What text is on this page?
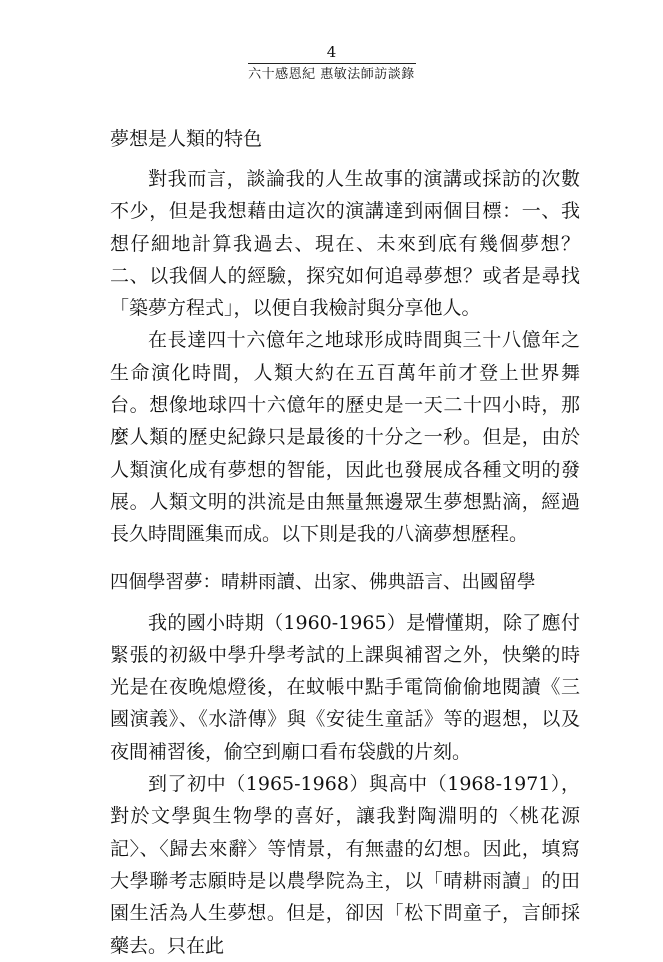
4
六十感恩紀 惠敏法師訪談錄
夢想是人類的特色

對我而言，談論我的人生故事的演講或採訪的次數不少，但是我想藉由這次的演講達到兩個目標：一、我想仔細地計算我過去、現在、未來到底有幾個夢想？二、以我個人的經驗，探究如何追尋夢想？或者是尋找「築夢方程式」，以便自我檢討與分享他人。

在長達四十六億年之地球形成時間與三十八億年之生命演化時間，人類大約在五百萬年前才登上世界舞台。想像地球四十六億年的歷史是一天二十四小時，那麼人類的歷史紀錄只是最後的十分之一秒。但是，由於人類演化成有夢想的智能，因此也發展成各種文明的發展。人類文明的洪流是由無量無邊眾生夢想點滴，經過長久時間匯集而成。以下則是我的八滴夢想歷程。

四個學習夢：晴耕雨讀、出家、佛典語言、出國留學

我的國小時期（1960-1965）是懵懂期，除了應付緊張的初級中學升學考試的上課與補習之外，快樂的時光是在夜晚熄燈後，在蚊帳中點手電筒偷偷地閱讀《三國演義》、《水滸傳》與《安徒生童話》等的遐想，以及夜間補習後，偷空到廟口看布袋戲的片刻。

到了初中（1965-1968）與高中（1968-1971），對於文學與生物學的喜好，讓我對陶淵明的〈桃花源記〉、〈歸去來辭〉等情景，有無盡的幻想。因此，填寫大學聯考志願時是以農學院為主，以「晴耕雨讀」的田園生活為人生夢想。但是，卻因「松下問童子，言師採藥去。只在此
